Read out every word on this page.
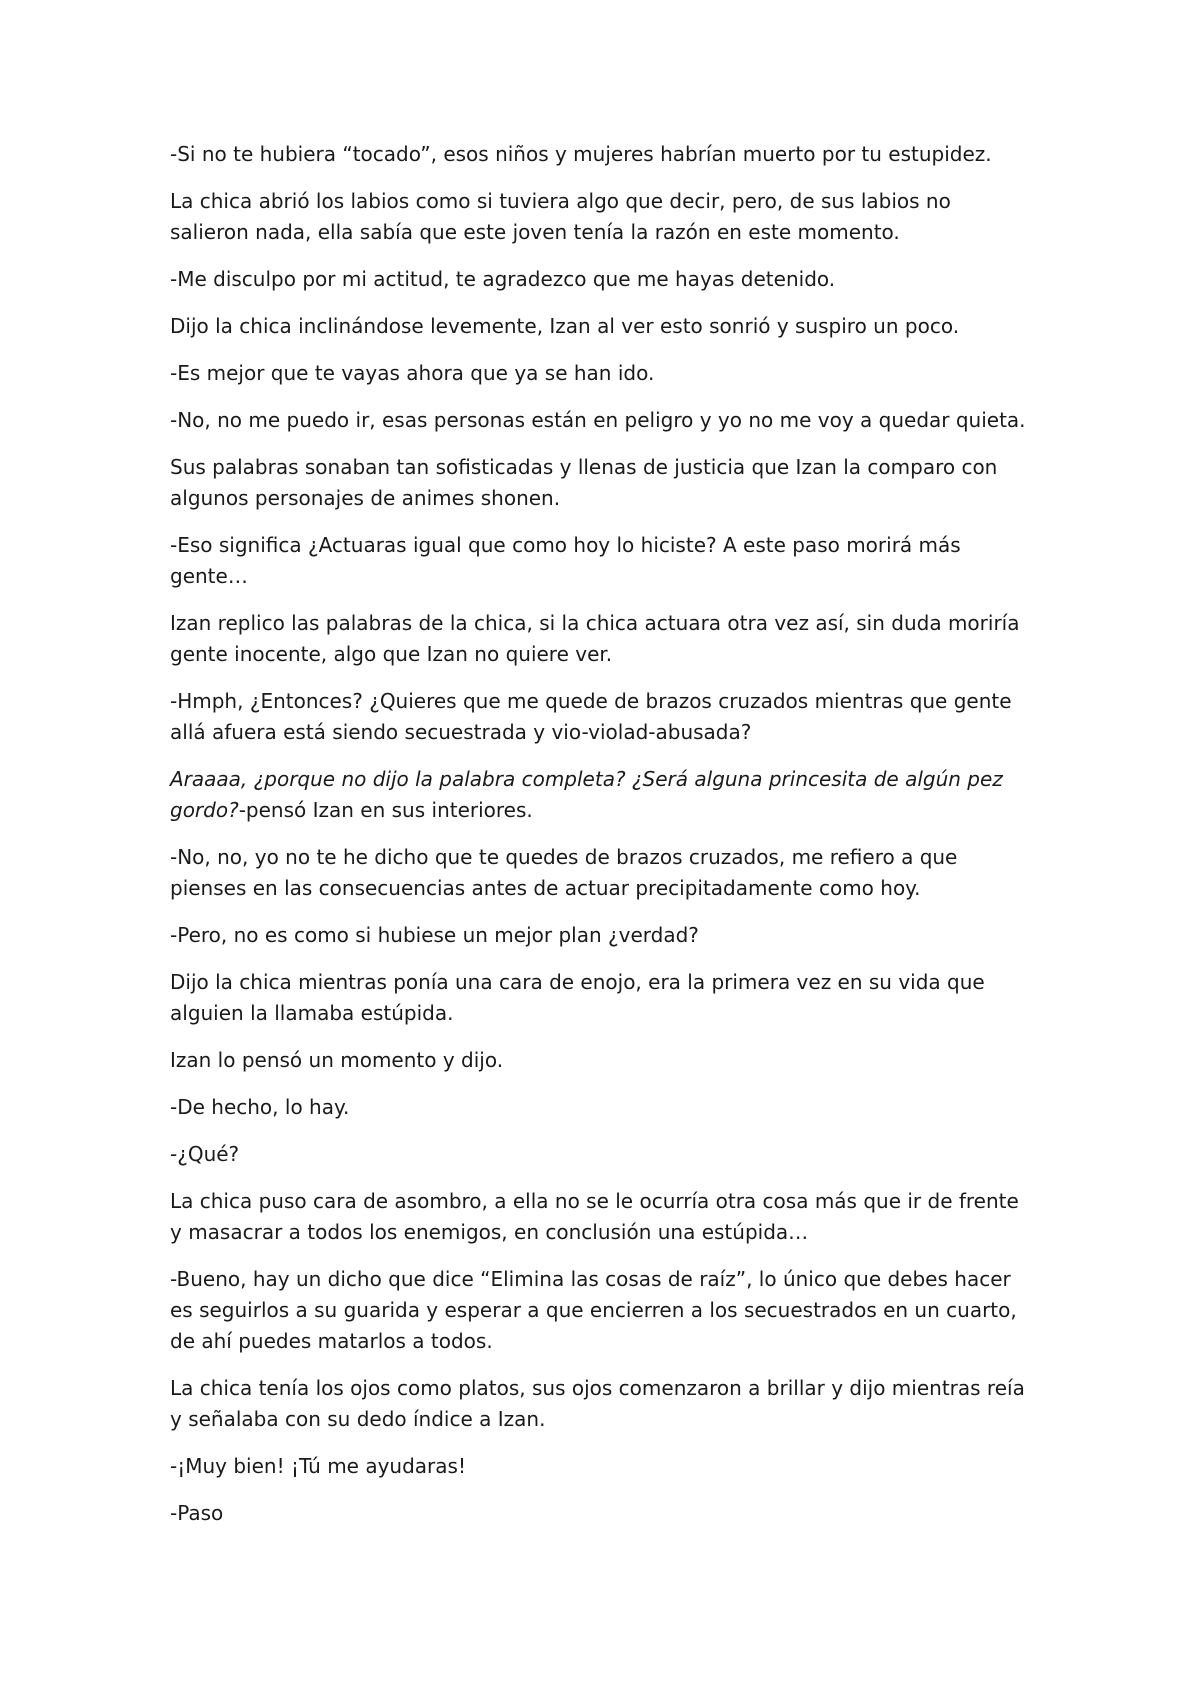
-Si no te hubiera “tocado”, esos niños y mujeres habrían muerto por tu estupidez.

La chica abrió los labios como si tuviera algo que decir, pero, de sus labios no salieron nada, ella sabía que este joven tenía la razón en este momento.

-Me disculpo por mi actitud, te agradezco que me hayas detenido.

Dijo la chica inclinándose levemente, Izan al ver esto sonrió y suspiro un poco.

-Es mejor que te vayas ahora que ya se han ido.

-No, no me puedo ir, esas personas están en peligro y yo no me voy a quedar quieta.

Sus palabras sonaban tan sofisticadas y llenas de justicia que Izan la comparo con algunos personajes de animes shonen.

-Eso significa ¿Actuaras igual que como hoy lo hiciste? A este paso morirá más gente…

Izan replico las palabras de la chica, si la chica actuara otra vez así, sin duda moriría gente inocente, algo que Izan no quiere ver.

-Hmph, ¿Entonces? ¿Quieres que me quede de brazos cruzados mientras que gente allá afuera está siendo secuestrada y vio-violad-abusada?

Araaaa, ¿porque no dijo la palabra completa? ¿Será alguna princesita de algún pez gordo?-pensó Izan en sus interiores.

-No, no, yo no te he dicho que te quedes de brazos cruzados, me refiero a que pienses en las consecuencias antes de actuar precipitadamente como hoy.

-Pero, no es como si hubiese un mejor plan ¿verdad?

Dijo la chica mientras ponía una cara de enojo, era la primera vez en su vida que alguien la llamaba estúpida.

Izan lo pensó un momento y dijo.

-De hecho, lo hay.

-¿Qué?

La chica puso cara de asombro, a ella no se le ocurría otra cosa más que ir de frente y masacrar a todos los enemigos, en conclusión una estúpida…

-Bueno, hay un dicho que dice “Elimina las cosas de raíz”, lo único que debes hacer es seguirlos a su guarida y esperar a que encierren a los secuestrados en un cuarto, de ahí puedes matarlos a todos.

La chica tenía los ojos como platos, sus ojos comenzaron a brillar y dijo mientras reía y señalaba con su dedo índice a Izan.

-¡Muy bien! ¡Tú me ayudaras!

-Paso
